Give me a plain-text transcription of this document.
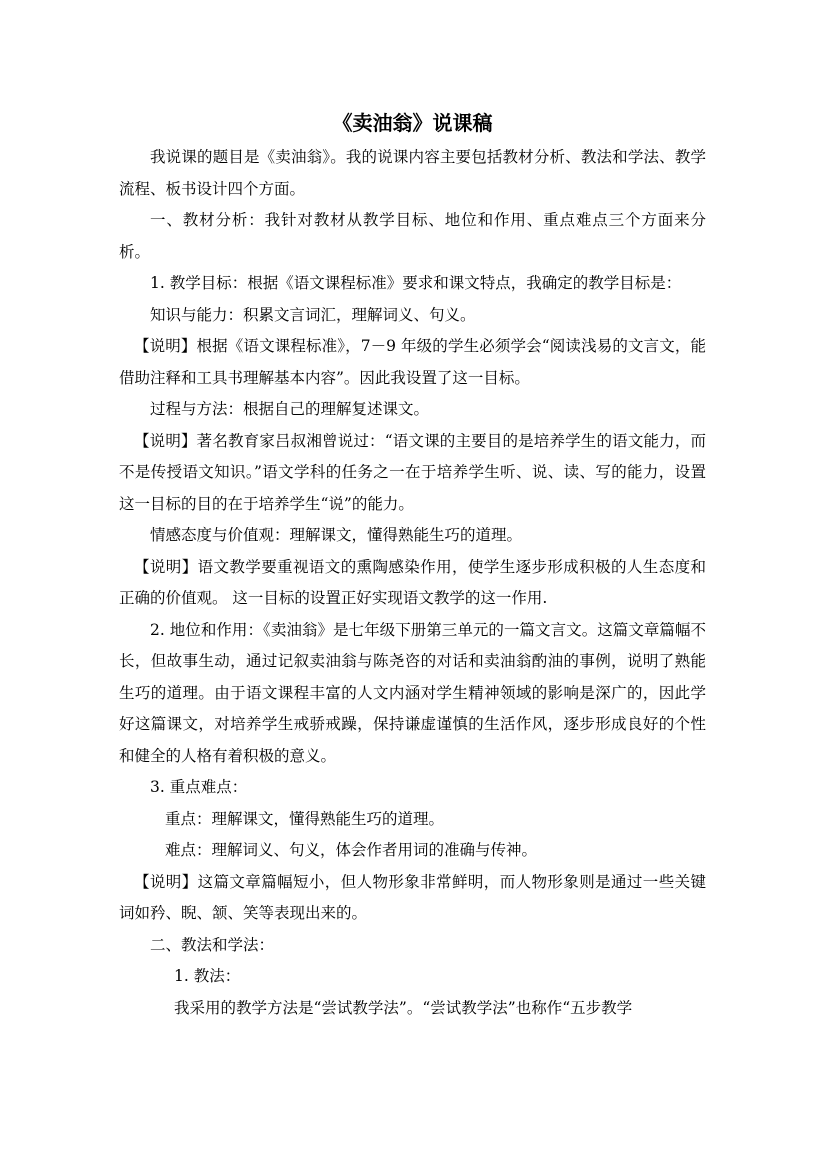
《卖油翁》说课稿

我说课的题目是《卖油翁》。我的说课内容主要包括教材分析、教法和学法、教学流程、板书设计四个方面。

一、教材分析：我针对教材从教学目标、地位和作用、重点难点三个方面来分析。

1. 教学目标：根据《语文课程标准》要求和课文特点，我确定的教学目标是：

知识与能力：积累文言词汇，理解词义、句义。

【说明】根据《语文课程标准》，7－9 年级的学生必须学会“阅读浅易的文言文，能借助注释和工具书理解基本内容”。因此我设置了这一目标。

过程与方法：根据自己的理解复述课文。

【说明】著名教育家吕叔湘曾说过：“语文课的主要目的是培养学生的语文能力，而不是传授语文知识。”语文学科的任务之一在于培养学生听、说、读、写的能力，设置这一目标的目的在于培养学生“说”的能力。

情感态度与价值观：理解课文，懂得熟能生巧的道理。

【说明】语文教学要重视语文的熏陶感染作用，使学生逐步形成积极的人生态度和正确的价值观。 这一目标的设置正好实现语文教学的这一作用.

2. 地位和作用：《卖油翁》是七年级下册第三单元的一篇文言文。这篇文章篇幅不长，但故事生动，通过记叙卖油翁与陈尧咨的对话和卖油翁酌油的事例，说明了熟能生巧的道理。由于语文课程丰富的人文内涵对学生精神领域的影响是深广的，因此学好这篇课文，对培养学生戒骄戒躁，保持谦虚谨慎的生活作风，逐步形成良好的个性和健全的人格有着积极的意义。

3. 重点难点：

重点：理解课文，懂得熟能生巧的道理。

难点：理解词义、句义，体会作者用词的准确与传神。

【说明】这篇文章篇幅短小，但人物形象非常鲜明，而人物形象则是通过一些关键词如矜、睨、颔、笑等表现出来的。

二、教法和学法：

1. 教法：

我采用的教学方法是“尝试教学法”。“尝试教学法”也称作“五步教学
